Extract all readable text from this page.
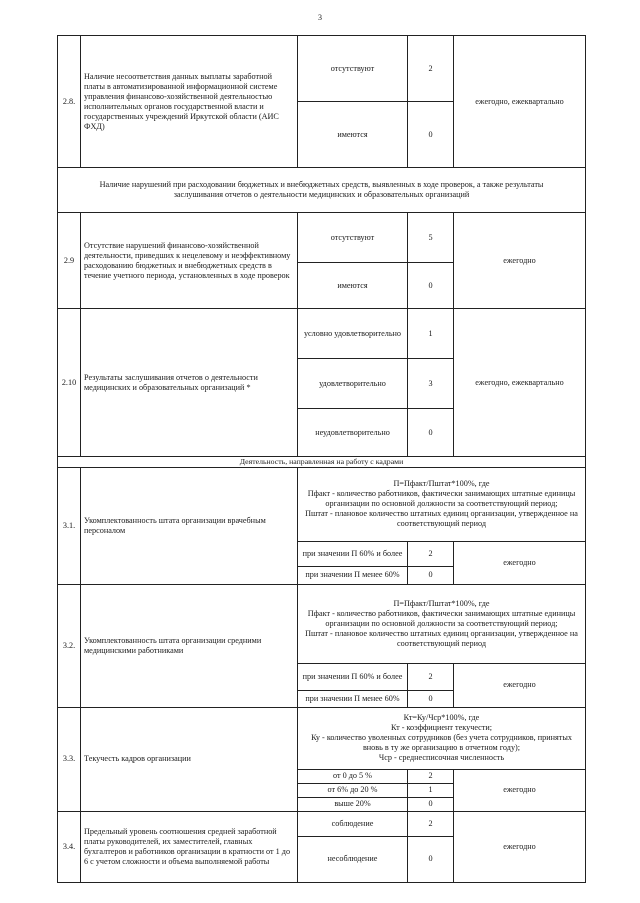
3
2.8.	Наличие несоответствия данных выплаты заработной платы в автоматизированной информационной системе управления финансово-хозяйственной деятельностью исполнительных органов государственной власти и государственных учреждений Иркутской области (АИС ФХД)	отсутствуют	2	ежегодно, ежеквартально
		имеются	0	
Наличие нарушений при расходовании бюджетных и внебюджетных средств, выявленных в ходе проверок, а также результаты заслушивания отчетов о деятельности медицинских и образовательных организаций				
2.9	Отсутствие нарушений финансово-хозяйственной деятельности, приведших к нецелевому и неэффективному расходованию бюджетных и внебюджетных средств в течение учетного периода, установленных в ходе проверок	отсутствуют	5	ежегодно
		имеются	0	
2.10	Результаты заслушивания отчетов о деятельности медицинских и образовательных организаций *	условно удовлетворительно	1	ежегодно, ежеквартально
		удовлетворительно	3	
		неудовлетворительно	0	
Деятельность, направленная на работу с кадрами				
3.1.	Укомплектованность штата организации врачебным персоналом	П=Пфакт/Пштат*100%, где
Пфакт - количество работников, фактически занимающих штатные единицы организации по основной должности за соответствующий период;
Пштат - плановое количество штатных единиц организации, утвержденное на соответствующий период		

		при значении П 60% и более	2	ежегодно
		при значении П менее 60%	0	
3.2.	Укомплектованность штата организации средними медицинскими работниками	П=Пфакт/Пштат*100%, где
Пфакт - количество работников, фактически занимающих штатные единицы организации по основной должности за соответствующий период;
Пштат - плановое количество штатных единиц организации, утвержденное на соответствующий период		

		при значении П 60% и более	2	ежегодно
		при значении П менее 60%	0	
3.3.	Текучесть кадров организации	Кт=Ку/Чср*100%, где
Кт - коэффициент текучести;
Ку - количество уволенных сотрудников (без учета сотрудников, принятых вновь в ту же организацию в отчетном году);
Чср - среднесписочная численность		

		от 0 до 5 %	2	ежегодно
		от 6% до 20 %	1	
		выше 20%	0	
3.4.	Предельный уровень соотношения средней заработной платы руководителей, их заместителей, главных бухгалтеров и работников организации в кратности от 1 до 6 с учетом сложности и объема выполняемой работы	соблюдение	2	ежегодно
		несоблюдение	0	
